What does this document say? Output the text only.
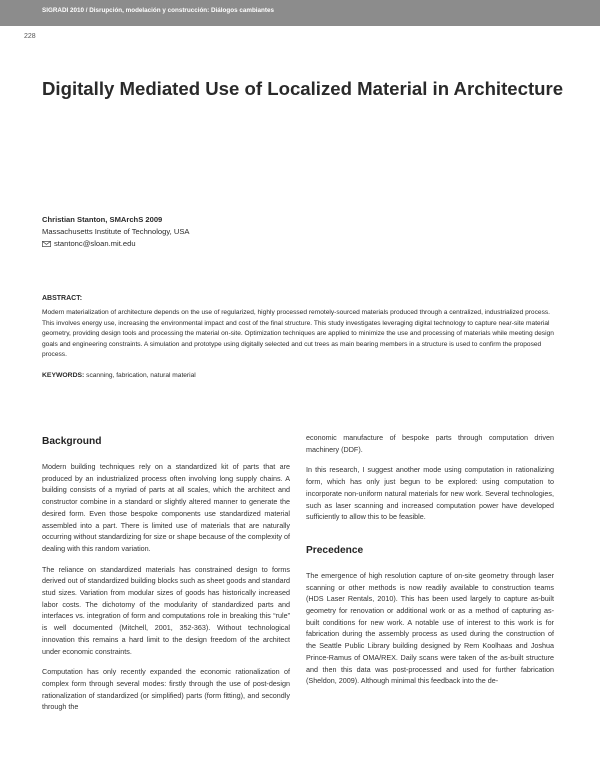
SIGRADI 2010 / Disrupción, modelación y construcción: Diálogos cambiantes
228
Digitally Mediated Use of Localized Material in Architecture
Christian Stanton, SMArchS 2009
Massachusetts Institute of Technology, USA
stantonc@sloan.mit.edu
ABSTRACT:

Modern materialization of architecture depends on the use of regularized, highly processed remotely-sourced materials produced through a centralized, industrialized process. This involves energy use, increasing the environmental impact and cost of the final structure. This study investigates leveraging digital technology to capture near-site material geometry, providing design tools and processing the material on-site. Optimization techniques are applied to minimize the use and processing of materials while meeting design goals and engineering constraints. A simulation and prototype using digitally selected and cut trees as main bearing members in a structure is used to confirm the proposed process.

KEYWORDS: scanning, fabrication, natural material
Background

Modern building techniques rely on a standardized kit of parts that are produced by an industrialized process often involving long supply chains. A building consists of a myriad of parts at all scales, which the architect and constructor combine in a standard or slightly altered manner to generate the desired form. Even those bespoke components use standardized material assembled into a part. There is limited use of materials that are naturally occurring without standardizing for size or shape because of the complexity of dealing with this random variation.

The reliance on standardized materials has constrained design to forms derived out of standardized building blocks such as sheet goods and standard stud sizes. Variation from modular sizes of goods has historically increased labor costs. The dichotomy of the modularity of standardized parts and interfaces vs. integration of form and computations role in breaking this “rule” is well documented (Mitchell, 2001, 352-363). Without technological innovation this remains a hard limit to the design freedom of the architect under economic constraints.

Computation has only recently expanded the economic rationalization of complex form through several modes: firstly through the use of post-design rationalization of standardized (or simplified) parts (form fitting), and secondly through the

economic manufacture of bespoke parts through computation driven machinery (DDF).

In this research, I suggest another mode using computation in rationalizing form, which has only just begun to be explored: using computation to incorporate non-uniform natural materials for new work. Several technologies, such as laser scanning and increased computation power have developed sufficiently to allow this to be feasible.

Precedence

The emergence of high resolution capture of on-site geometry through laser scanning or other methods is now readily available to construction teams (HDS Laser Rentals, 2010). This has been used largely to capture as-built geometry for renovation or additional work or as a method of capturing as-built conditions for new work. A notable use of interest to this work is for fabrication during the assembly process as used during the construction of the Seattle Public Library building designed by Rem Koolhaas and Joshua Prince-Ramus of OMA/REX. Daily scans were taken of the as-built structure and then this data was post-processed and used for further fabrication (Sheldon, 2009). Although minimal this feedback into the de-
